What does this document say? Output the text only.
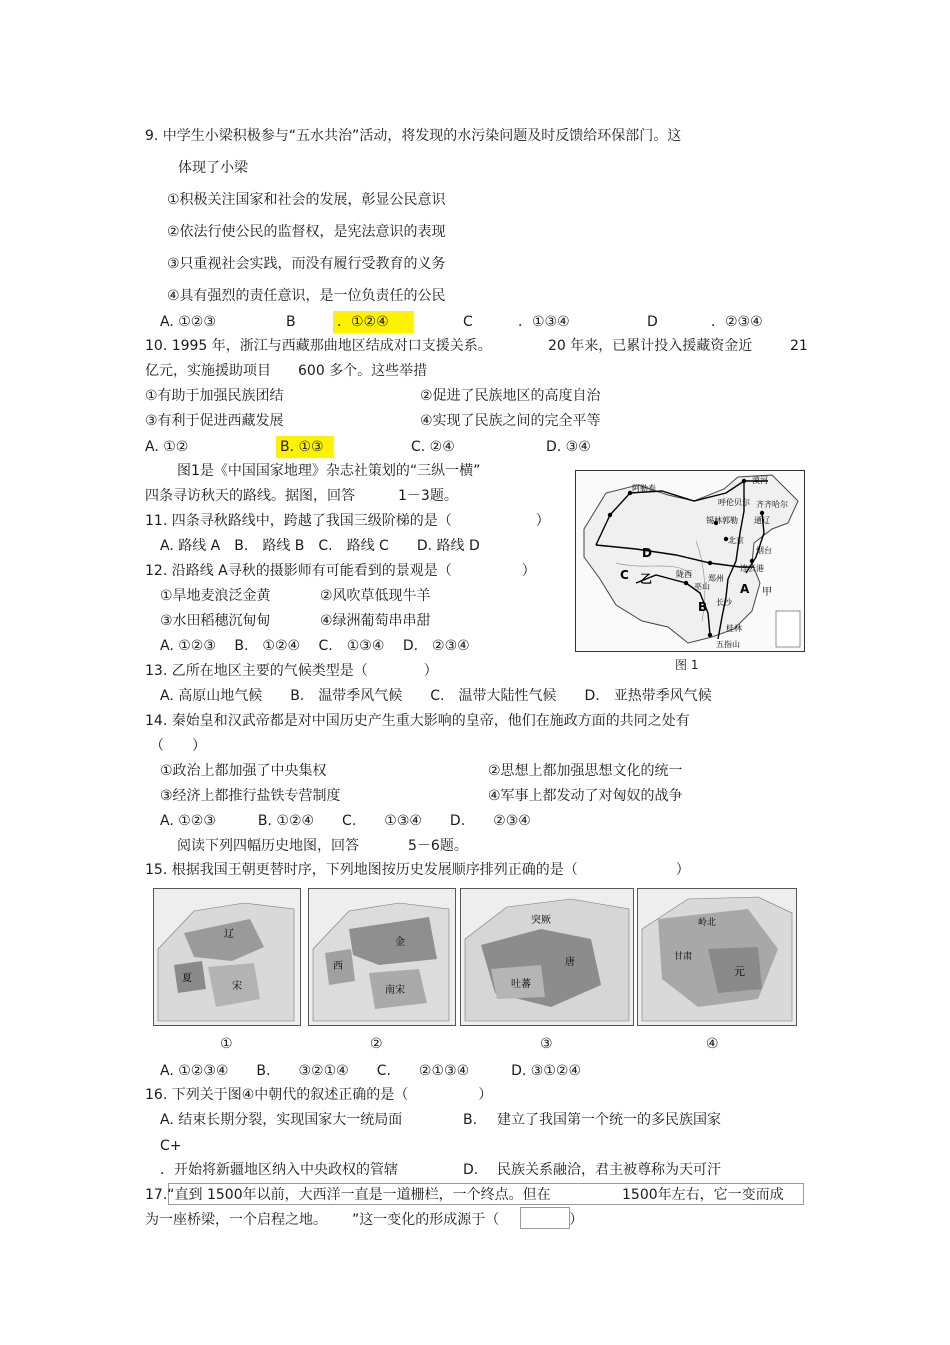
9. 中学生小梁积极参与“五水共治”活动，将发现的水污染问题及时反馈给环保部门。这
体现了小梁
①积极关注国家和社会的发展，彰显公民意识
②依法行使公民的监督权，是宪法意识的表现
③只重视社会实践，而没有履行受教育的义务
④具有强烈的责任意识，是一位负责任的公民
A. ①②③	B	．①②④	C	．①③④	D	．②③④
10. 1995 年，浙江与西藏那曲地区结成对口支援关系。	20 年来，已累计投入援藏资金近	21
亿元，实施援助项目 600 多个。这些举措
①有助于加强民族团结	②促进了民族地区的高度自治
③有利于促进西藏发展	④实现了民族之间的完全平等
A. ①②	B. ①③	C. ②④	D. ③④
图1是《中国国家地理》杂志社策划的“三纵一横”
四条寻访秋天的路线。据图，回答	1－3题。
11. 四条寻秋路线中，跨越了我国三级阶梯的是（　　　　　　）
A. 路线 A　B.　路线 B　C.　路线 C　　D. 路线 D
12. 沿路线 A寻秋的摄影师有可能看到的景观是（　　　　　）
①旱地麦浪泛金黄	②风吹草低现牛羊
③水田稻穗沉甸甸	④绿洲葡萄串串甜
A. ①②③　 B.　①②④　 C.　①③④　 D.　②③④
阿勒泰
漠河
呼伦贝尔 齐齐哈尔
锡林郭勒 通辽
北京
烟台
连云港
郑州
陇西
巫山
长沙
桂林
五指山
甲
乙
A
B
C
D
图 1
13. 乙所在地区主要的气候类型是（　　　　）
A. 高原山地气候　　B.　温带季风气候　　C.　温带大陆性气候　　D.　亚热带季风气候
14. 秦始皇和汉武帝都是对中国历史产生重大影响的皇帝，他们在施政方面的共同之处有
（　　）
①政治上都加强了中央集权	②思想上都加强思想文化的统一
③经济上都推行盐铁专营制度	④军事上都发动了对匈奴的战争
A. ①②③　　　B. ①②④　　C.　　①③④　　D.　　②③④
阅读下列四幅历史地图，回答	5－6题。
15. 根据我国王朝更替时序，下列地图按历史发展顺序排列正确的是（　　　　　　　）
辽
宋
夏
金
西
南宋
吐蕃
唐
突厥
元
岭北
甘肃
①	②	③	④
A. ①②③④　　B.　　③②①④　　C.　　②①③④　　　D. ③①②④
16. 下列关于图④中朝代的叙述正确的是（　　　　　）
A. 结束长期分裂，实现国家大一统局面	B. 建立了我国第一个统一的多民族国家
C+
．开始将新疆地区纳入中央政权的管辖	D. 民族关系融洽，君主被尊称为天可汗
17.“直到 1500年以前，大西洋一直是一道栅栏，一个终点。但在	1500年左右，它一变而成
为一座桥梁，一个启程之地。 ”这一变化的形成源于（　　　　　）
